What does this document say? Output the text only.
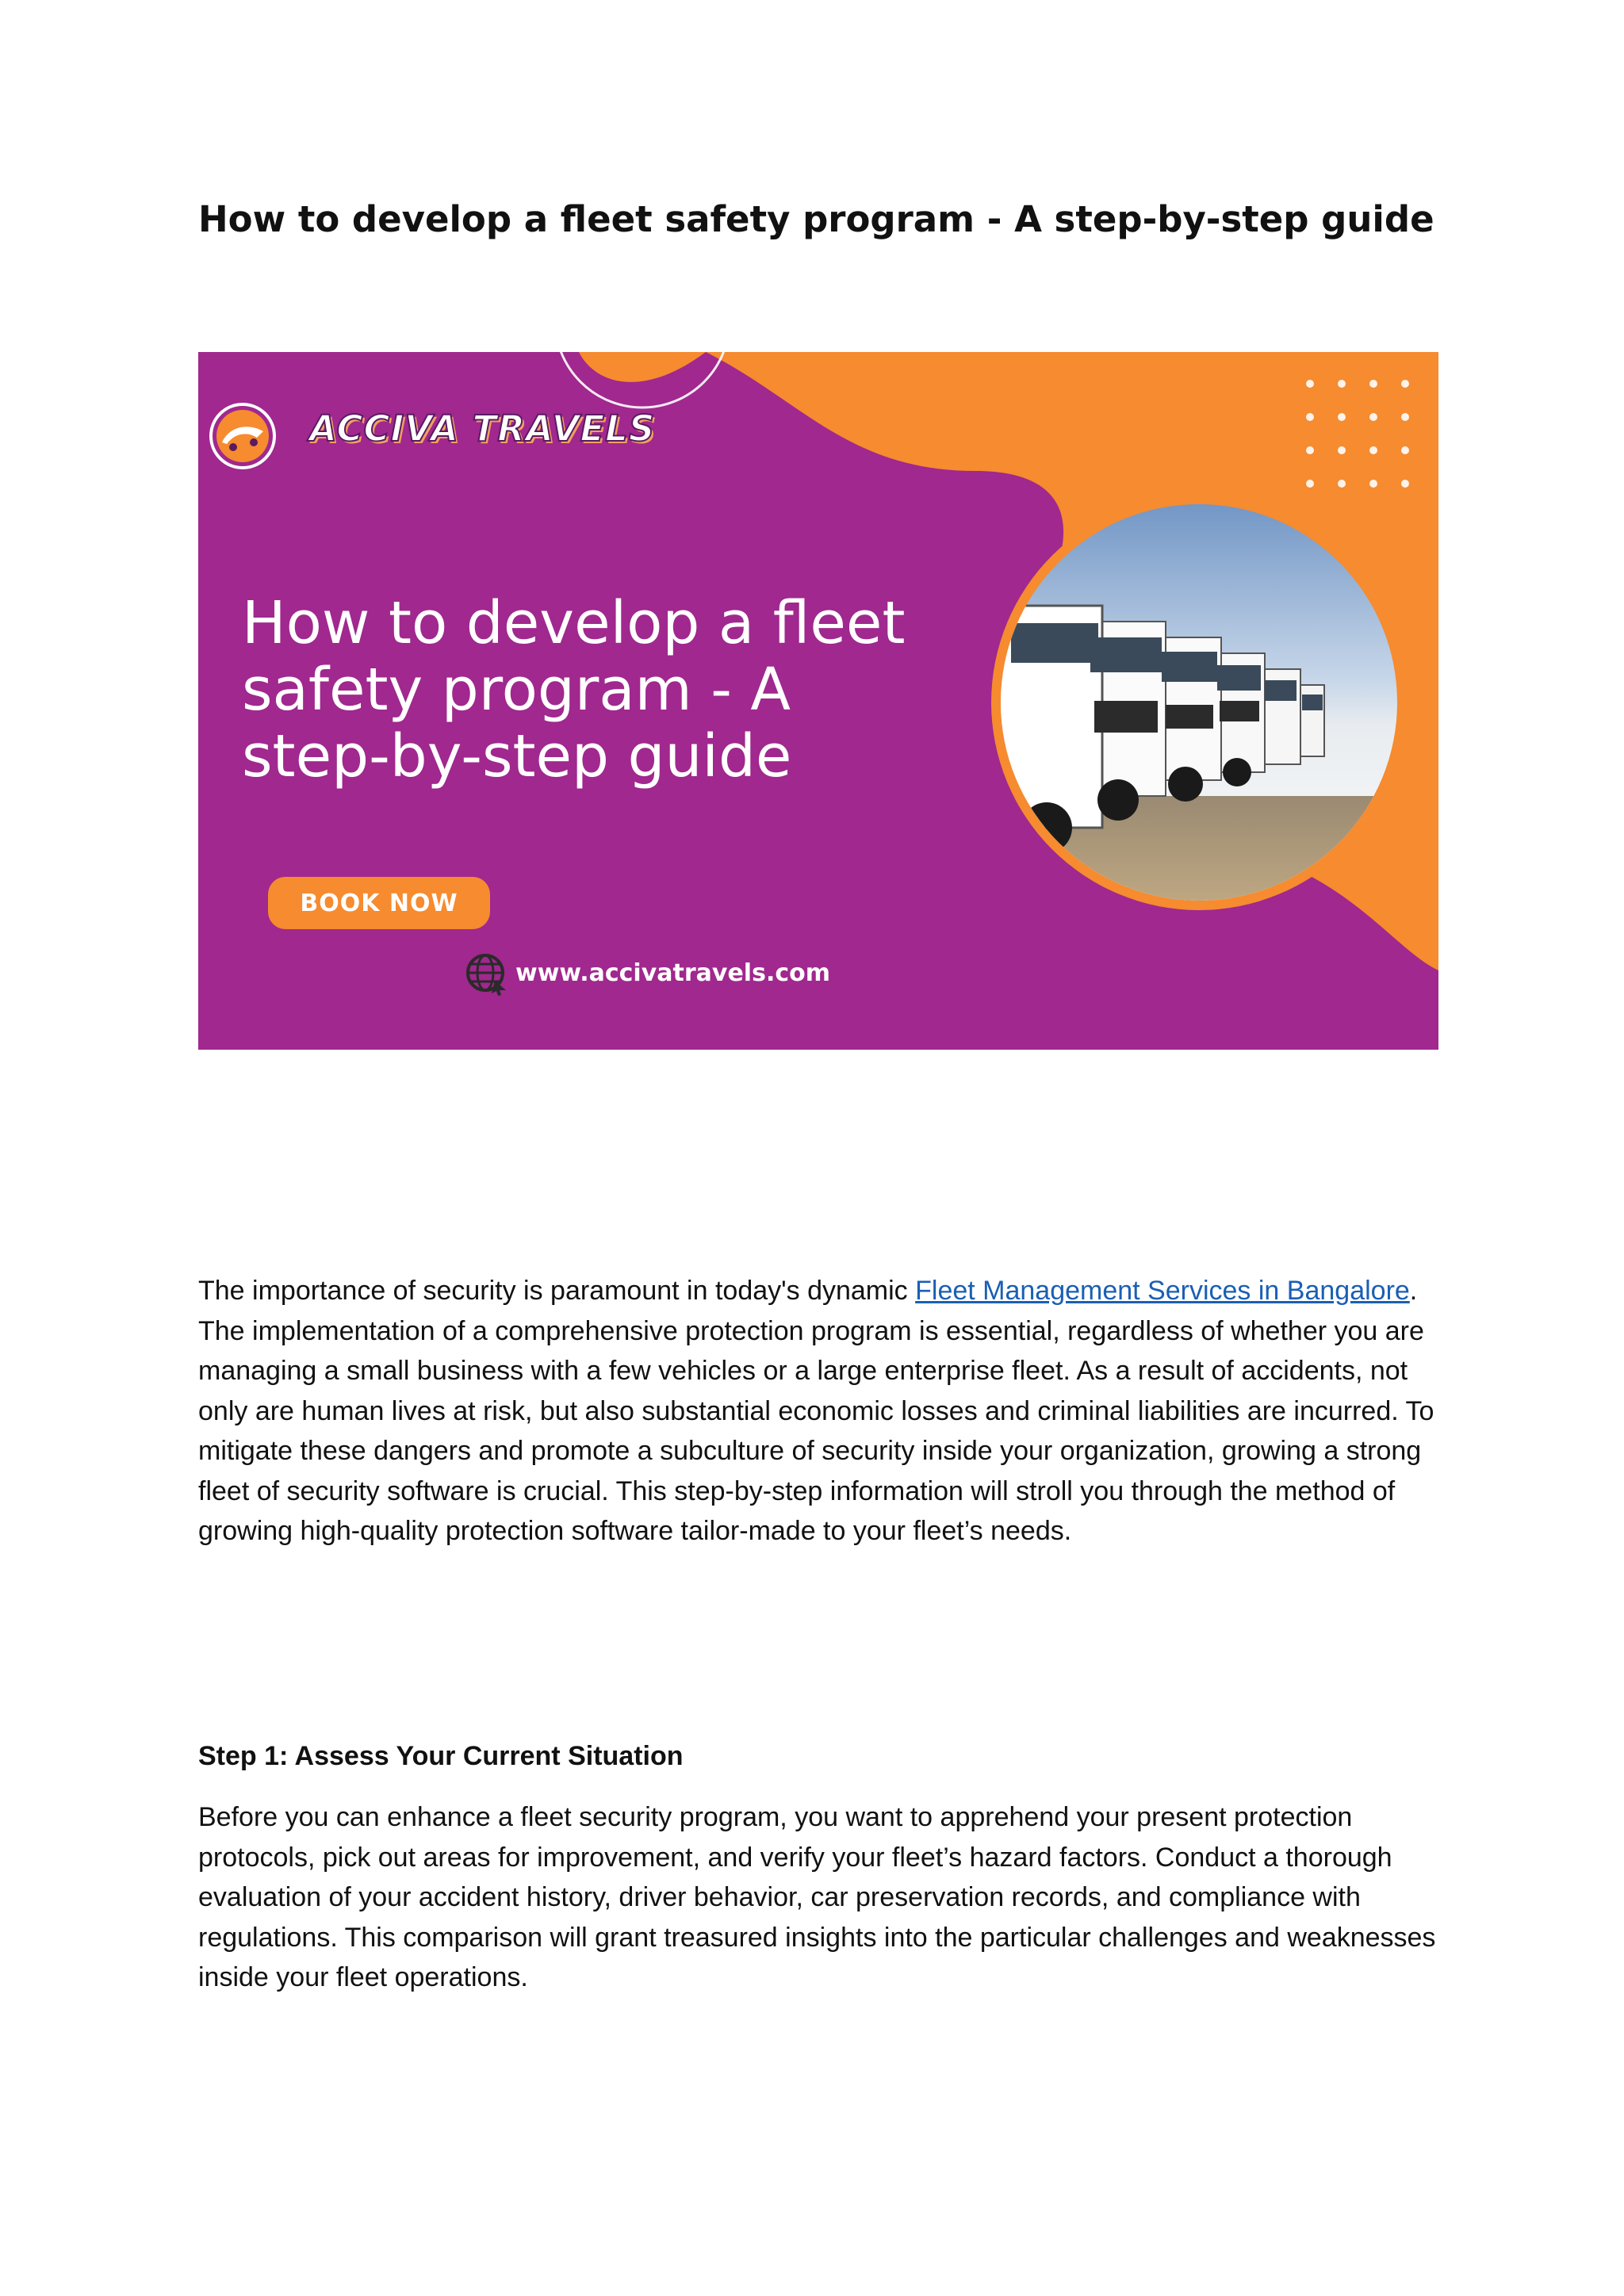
How to develop a fleet safety program - A step-by-step guide
ACCIVA TRAVELS
How to develop a fleet safety program - A step-by-step guide
BOOK NOW
www.accivatravels.com

The importance of security is paramount in today's dynamic Fleet Management Services in Bangalore. The implementation of a comprehensive protection program is essential, regardless of whether you are managing a small business with a few vehicles or a large enterprise fleet. As a result of accidents, not only are human lives at risk, but also substantial economic losses and criminal liabilities are incurred. To mitigate these dangers and promote a subculture of security inside your organization, growing a strong fleet of security software is crucial. This step-by-step information will stroll you through the method of growing high-quality protection software tailor-made to your fleet’s needs.

Step 1: Assess Your Current Situation

Before you can enhance a fleet security program, you want to apprehend your present protection protocols, pick out areas for improvement, and verify your fleet’s hazard factors. Conduct a thorough evaluation of your accident history, driver behavior, car preservation records, and compliance with regulations. This comparison will grant treasured insights into the particular challenges and weaknesses inside your fleet operations.
